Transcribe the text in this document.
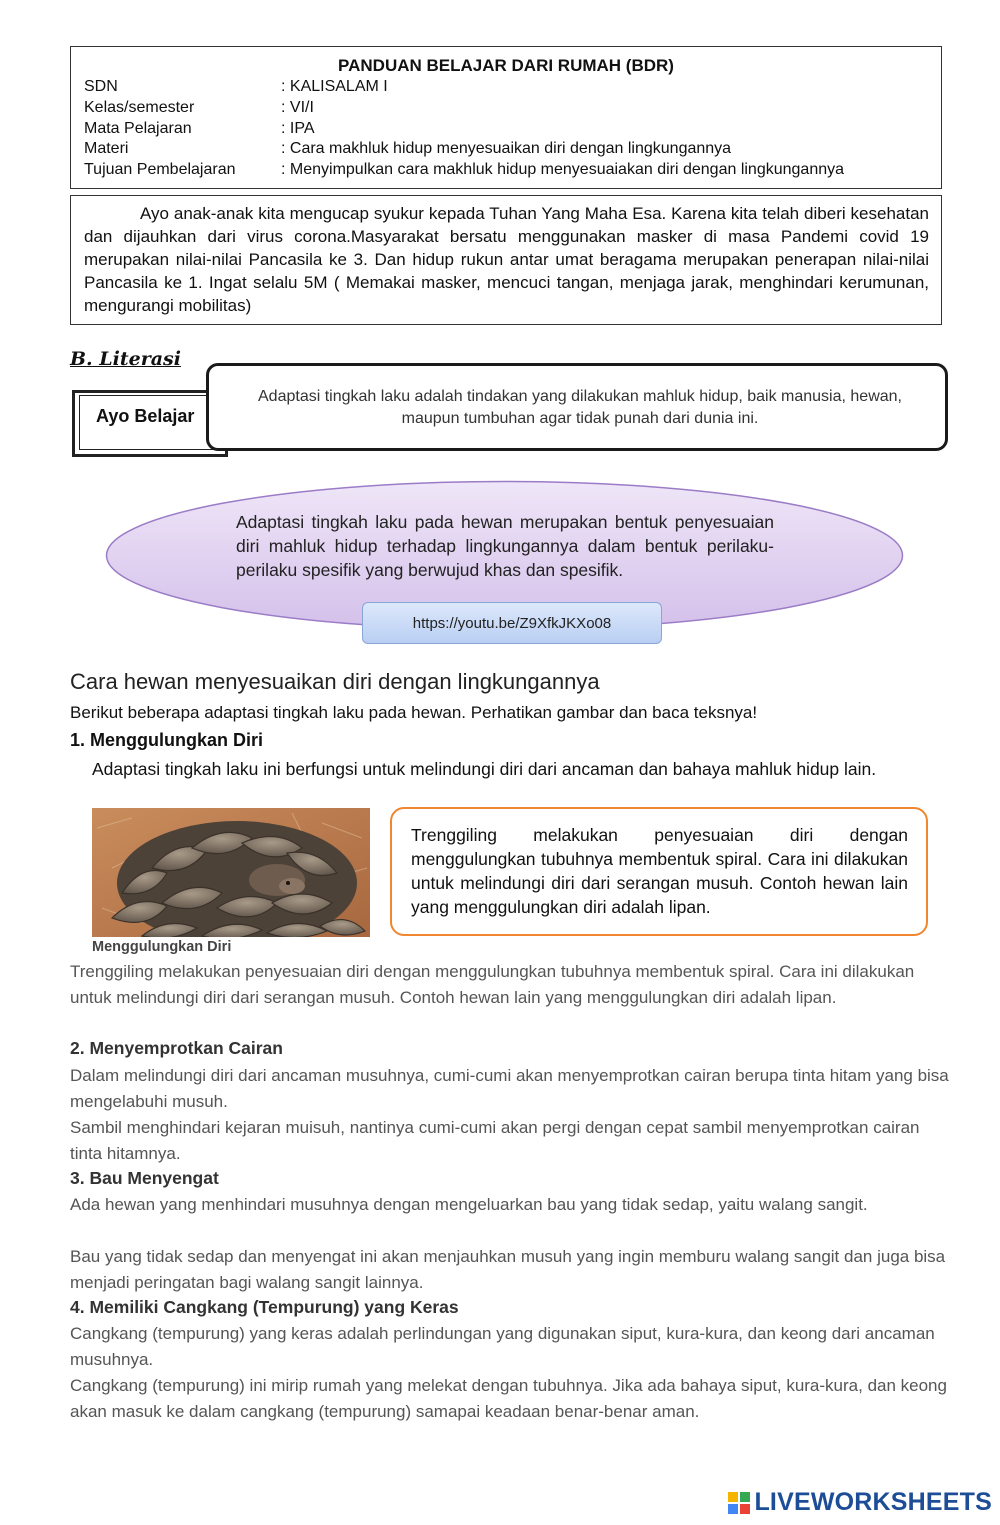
PANDUAN BELAJAR DARI RUMAH (BDR)
SDN	: KALISALAM I
Kelas/semester	: VI/I
Mata Pelajaran	: IPA
Materi	: Cara makhluk hidup menyesuaikan diri dengan lingkungannya
Tujuan Pembelajaran	: Menyimpulkan cara makhluk hidup menyesuaiakan diri dengan lingkungannya
Ayo anak-anak kita mengucap syukur kepada Tuhan Yang Maha Esa. Karena kita telah diberi kesehatan dan dijauhkan dari virus corona.Masyarakat bersatu menggunakan masker di masa Pandemi covid 19 merupakan nilai-nilai Pancasila ke 3. Dan hidup rukun antar umat beragama merupakan penerapan nilai-nilai Pancasila ke 1. Ingat selalu 5M ( Memakai masker, mencuci tangan, menjaga jarak, menghindari kerumunan, mengurangi mobilitas)
B. Literasi
Ayo Belajar
Adaptasi tingkah laku adalah tindakan yang dilakukan mahluk hidup, baik manusia, hewan, maupun tumbuhan agar tidak punah dari dunia ini.
Adaptasi tingkah laku pada hewan merupakan bentuk penyesuaian diri mahluk hidup terhadap lingkungannya dalam bentuk perilaku-perilaku spesifik yang berwujud khas dan spesifik.
https://youtu.be/Z9XfkJKXo08
Cara hewan menyesuaikan diri dengan lingkungannya
Berikut beberapa adaptasi tingkah laku pada hewan. Perhatikan gambar dan baca teksnya!
1. Menggulungkan Diri
Adaptasi tingkah laku ini berfungsi untuk melindungi diri dari ancaman dan bahaya mahluk hidup lain.
Menggulungkan Diri
Trenggiling melakukan penyesuaian diri dengan menggulungkan tubuhnya membentuk spiral. Cara ini dilakukan untuk melindungi diri dari serangan musuh. Contoh hewan lain yang menggulungkan diri adalah lipan.
Trenggiling melakukan penyesuaian diri dengan menggulungkan tubuhnya membentuk spiral. Cara ini dilakukan untuk melindungi diri dari serangan musuh. Contoh hewan lain yang menggulungkan diri adalah lipan.
2. Menyemprotkan Cairan
Dalam melindungi diri dari ancaman musuhnya, cumi-cumi akan menyemprotkan cairan berupa tinta hitam yang bisa mengelabuhi musuh.
Sambil menghindari kejaran muisuh, nantinya cumi-cumi akan pergi dengan cepat sambil menyemprotkan cairan tinta hitamnya.
3. Bau Menyengat
Ada hewan yang menhindari musuhnya dengan mengeluarkan bau yang tidak sedap, yaitu walang sangit.
Bau yang tidak sedap dan menyengat ini akan menjauhkan musuh yang ingin memburu walang sangit dan juga bisa menjadi peringatan bagi walang sangit lainnya.
4. Memiliki Cangkang (Tempurung) yang Keras
Cangkang (tempurung) yang keras adalah perlindungan yang digunakan siput, kura-kura, dan keong dari ancaman musuhnya.
Cangkang (tempurung) ini mirip rumah yang melekat dengan tubuhnya. Jika ada bahaya siput, kura-kura, dan keong akan masuk ke dalam cangkang (tempurung) samapai keadaan benar-benar aman.
LIVEWORKSHEETS
